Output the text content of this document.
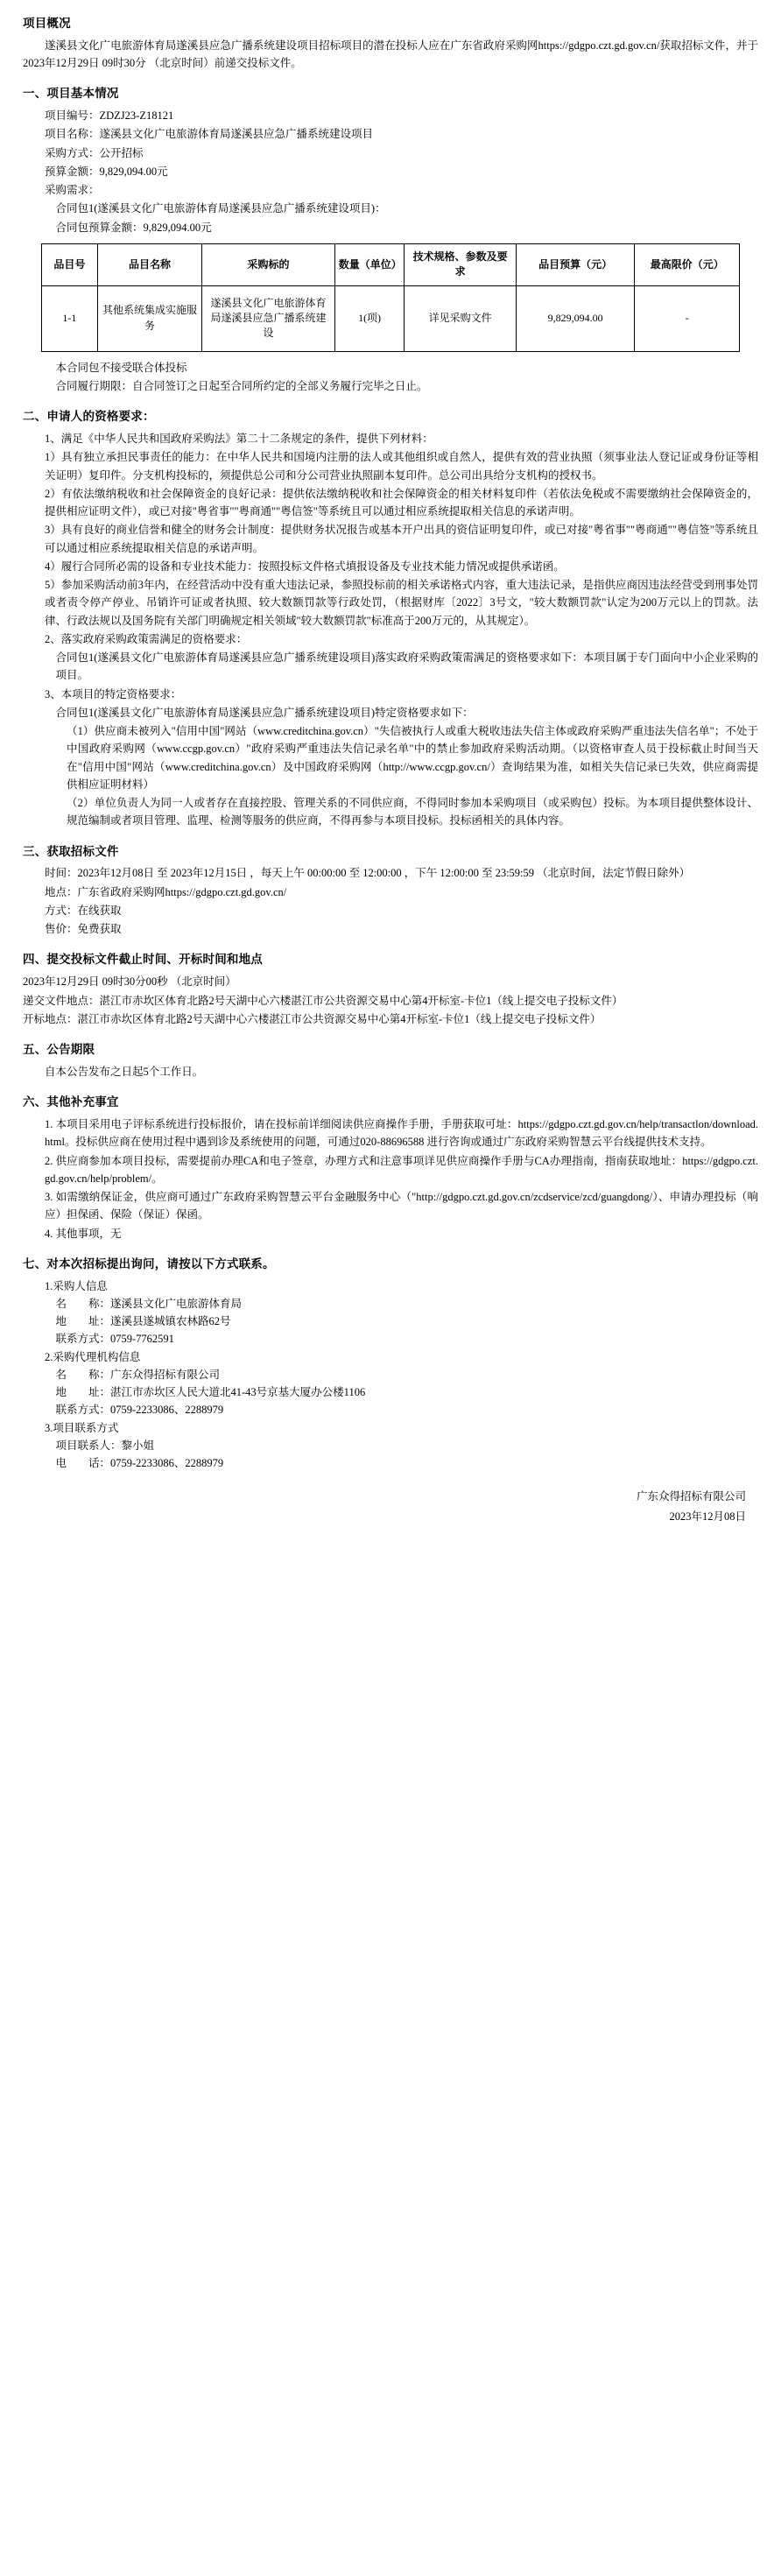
项目概况

遂溪县文化广电旅游体育局遂溪县应急广播系统建设项目招标项目的潜在投标人应在广东省政府采购网https://gdgpo.czt.gd.gov.cn/获取招标文件，并于 2023年12月29日 09时30分 （北京时间）前递交投标文件。

一、项目基本情况

项目编号：ZDZJ23-Z18121

项目名称：遂溪县文化广电旅游体育局遂溪县应急广播系统建设项目

采购方式：公开招标

预算金额：9,829,094.00元

采购需求：

合同包1(遂溪县文化广电旅游体育局遂溪县应急广播系统建设项目)：

合同包预算金额：9,829,094.00元

品目号	品目名称	采购标的	数量（单位）	技术规格、参数及要求	品目预算（元）	最高限价（元）
1-1	其他系统集成实施服务	遂溪县文化广电旅游体育局遂溪县应急广播系统建设	1(项)	详见采购文件	9,829,094.00	-

本合同包不接受联合体投标

合同履行期限：自合同签订之日起至合同所约定的全部义务履行完毕之日止。

二、申请人的资格要求：

1、满足《中华人民共和国政府采购法》第二十二条规定的条件，提供下列材料：

1）具有独立承担民事责任的能力：在中华人民共和国境内注册的法人或其他组织或自然人，提供有效的营业执照（须事业法人登记证或身份证等相关证明）复印件。分支机构投标的，须提供总公司和分公司营业执照副本复印件。总公司出具给分支机构的授权书。

2）有依法缴纳税收和社会保障资金的良好记录：提供依法缴纳税收和社会保障资金的相关材料复印件（若依法免税或不需要缴纳社会保障资金的，提供相应证明文件），或已对接"粤省事""粤商通""粤信签"等系统且可以通过相应系统提取相关信息的承诺声明。

3）具有良好的商业信誉和健全的财务会计制度：提供财务状况报告或基本开户出具的资信证明复印件，或已对接"粤省事""粤商通""粤信签"等系统且可以通过相应系统提取相关信息的承诺声明。

4）履行合同所必需的设备和专业技术能力：按照投标文件格式填报设备及专业技术能力情况或提供承诺函。

5）参加采购活动前3年内，在经营活动中没有重大违法记录，参照投标前的相关承诺格式内容，重大违法记录，是指供应商因违法经营受到刑事处罚或者责令停产停业、吊销许可证或者执照、较大数额罚款等行政处罚，（根据财库〔2022〕3号文，"较大数额罚款"认定为200万元以上的罚款。法律、行政法规以及国务院有关部门明确规定相关领域"较大数额罚款"标准高于200万元的，从其规定）。

2、落实政府采购政策需满足的资格要求：

合同包1(遂溪县文化广电旅游体育局遂溪县应急广播系统建设项目)落实政府采购政策需满足的资格要求如下：本项目属于专门面向中小企业采购的项目。

3、本项目的特定资格要求：

合同包1(遂溪县文化广电旅游体育局遂溪县应急广播系统建设项目)特定资格要求如下：

（1）供应商未被列入"信用中国"网站（www.creditchina.gov.cn）"失信被执行人或重大税收违法失信主体或政府采购严重违法失信名单"；不处于中国政府采购网（www.ccgp.gov.cn）"政府采购严重违法失信记录名单"中的禁止参加政府采购活动期。（以资格审查人员于投标截止时间当天在"信用中国"网站（www.creditchina.gov.cn）及中国政府采购网（http://www.ccgp.gov.cn/）查询结果为准，如相关失信记录已失效，供应商需提供相应证明材料）

（2）单位负责人为同一人或者存在直接控股、管理关系的不同供应商，不得同时参加本采购项目（或采购包）投标。为本项目提供整体设计、规范编制或者项目管理、监理、检测等服务的供应商，不得再参与本项目投标。投标函相关的具体内容。

三、获取招标文件

时间：2023年12月08日 至 2023年12月15日 ，每天上午 00:00:00 至 12:00:00 ，下午 12:00:00 至 23:59:59 （北京时间，法定节假日除外）

地点：广东省政府采购网https://gdgpo.czt.gd.gov.cn/

方式：在线获取

售价：免费获取

四、提交投标文件截止时间、开标时间和地点

2023年12月29日 09时30分00秒 （北京时间）

递交文件地点：湛江市赤坎区体育北路2号天湖中心六楼湛江市公共资源交易中心第4开标室-卡位1（线上提交电子投标文件）

开标地点：湛江市赤坎区体育北路2号天湖中心六楼湛江市公共资源交易中心第4开标室-卡位1（线上提交电子投标文件）

五、公告期限

自本公告发布之日起5个工作日。

六、其他补充事宜

1. 本项目采用电子评标系统进行投标报价，请在投标前详细阅读供应商操作手册，手册获取可址：https://gdgpo.czt.gd.gov.cn/help/transactlon/download.html。投标供应商在使用过程中遇到诊及系统使用的问题，可通过020-88696588 进行咨询或通过广东政府采购智慧云平台线提供技术支持。

2. 供应商参加本项目投标，需要提前办理CA和电子签章，办理方式和注意事项详见供应商操作手册与CA办理指南，指南获取地址：https://gdgpo.czt.gd.gov.cn/help/problem/。

3. 如需缴纳保证金，供应商可通过广东政府采购智慧云平台金融服务中心（"http://gdgpo.czt.gd.gov.cn/zcdservice/zcd/guangdong/）、申请办理投标（响应）担保函、保险（保证）保函。

4. 其他事项，无

七、对本次招标提出询问，请按以下方式联系。

1.采购人信息

名　　称：遂溪县文化广电旅游体育局

地　　址：遂溪县遂城镇农林路62号

联系方式：0759-7762591

2.采购代理机构信息

名　　称：广东众得招标有限公司

地　　址：湛江市赤坎区人民大道北41-43号京基大厦办公楼1106

联系方式：0759-2233086、2288979

3.项目联系方式

项目联系人：黎小姐

电　　话：0759-2233086、2288979

广东众得招标有限公司

2023年12月08日
